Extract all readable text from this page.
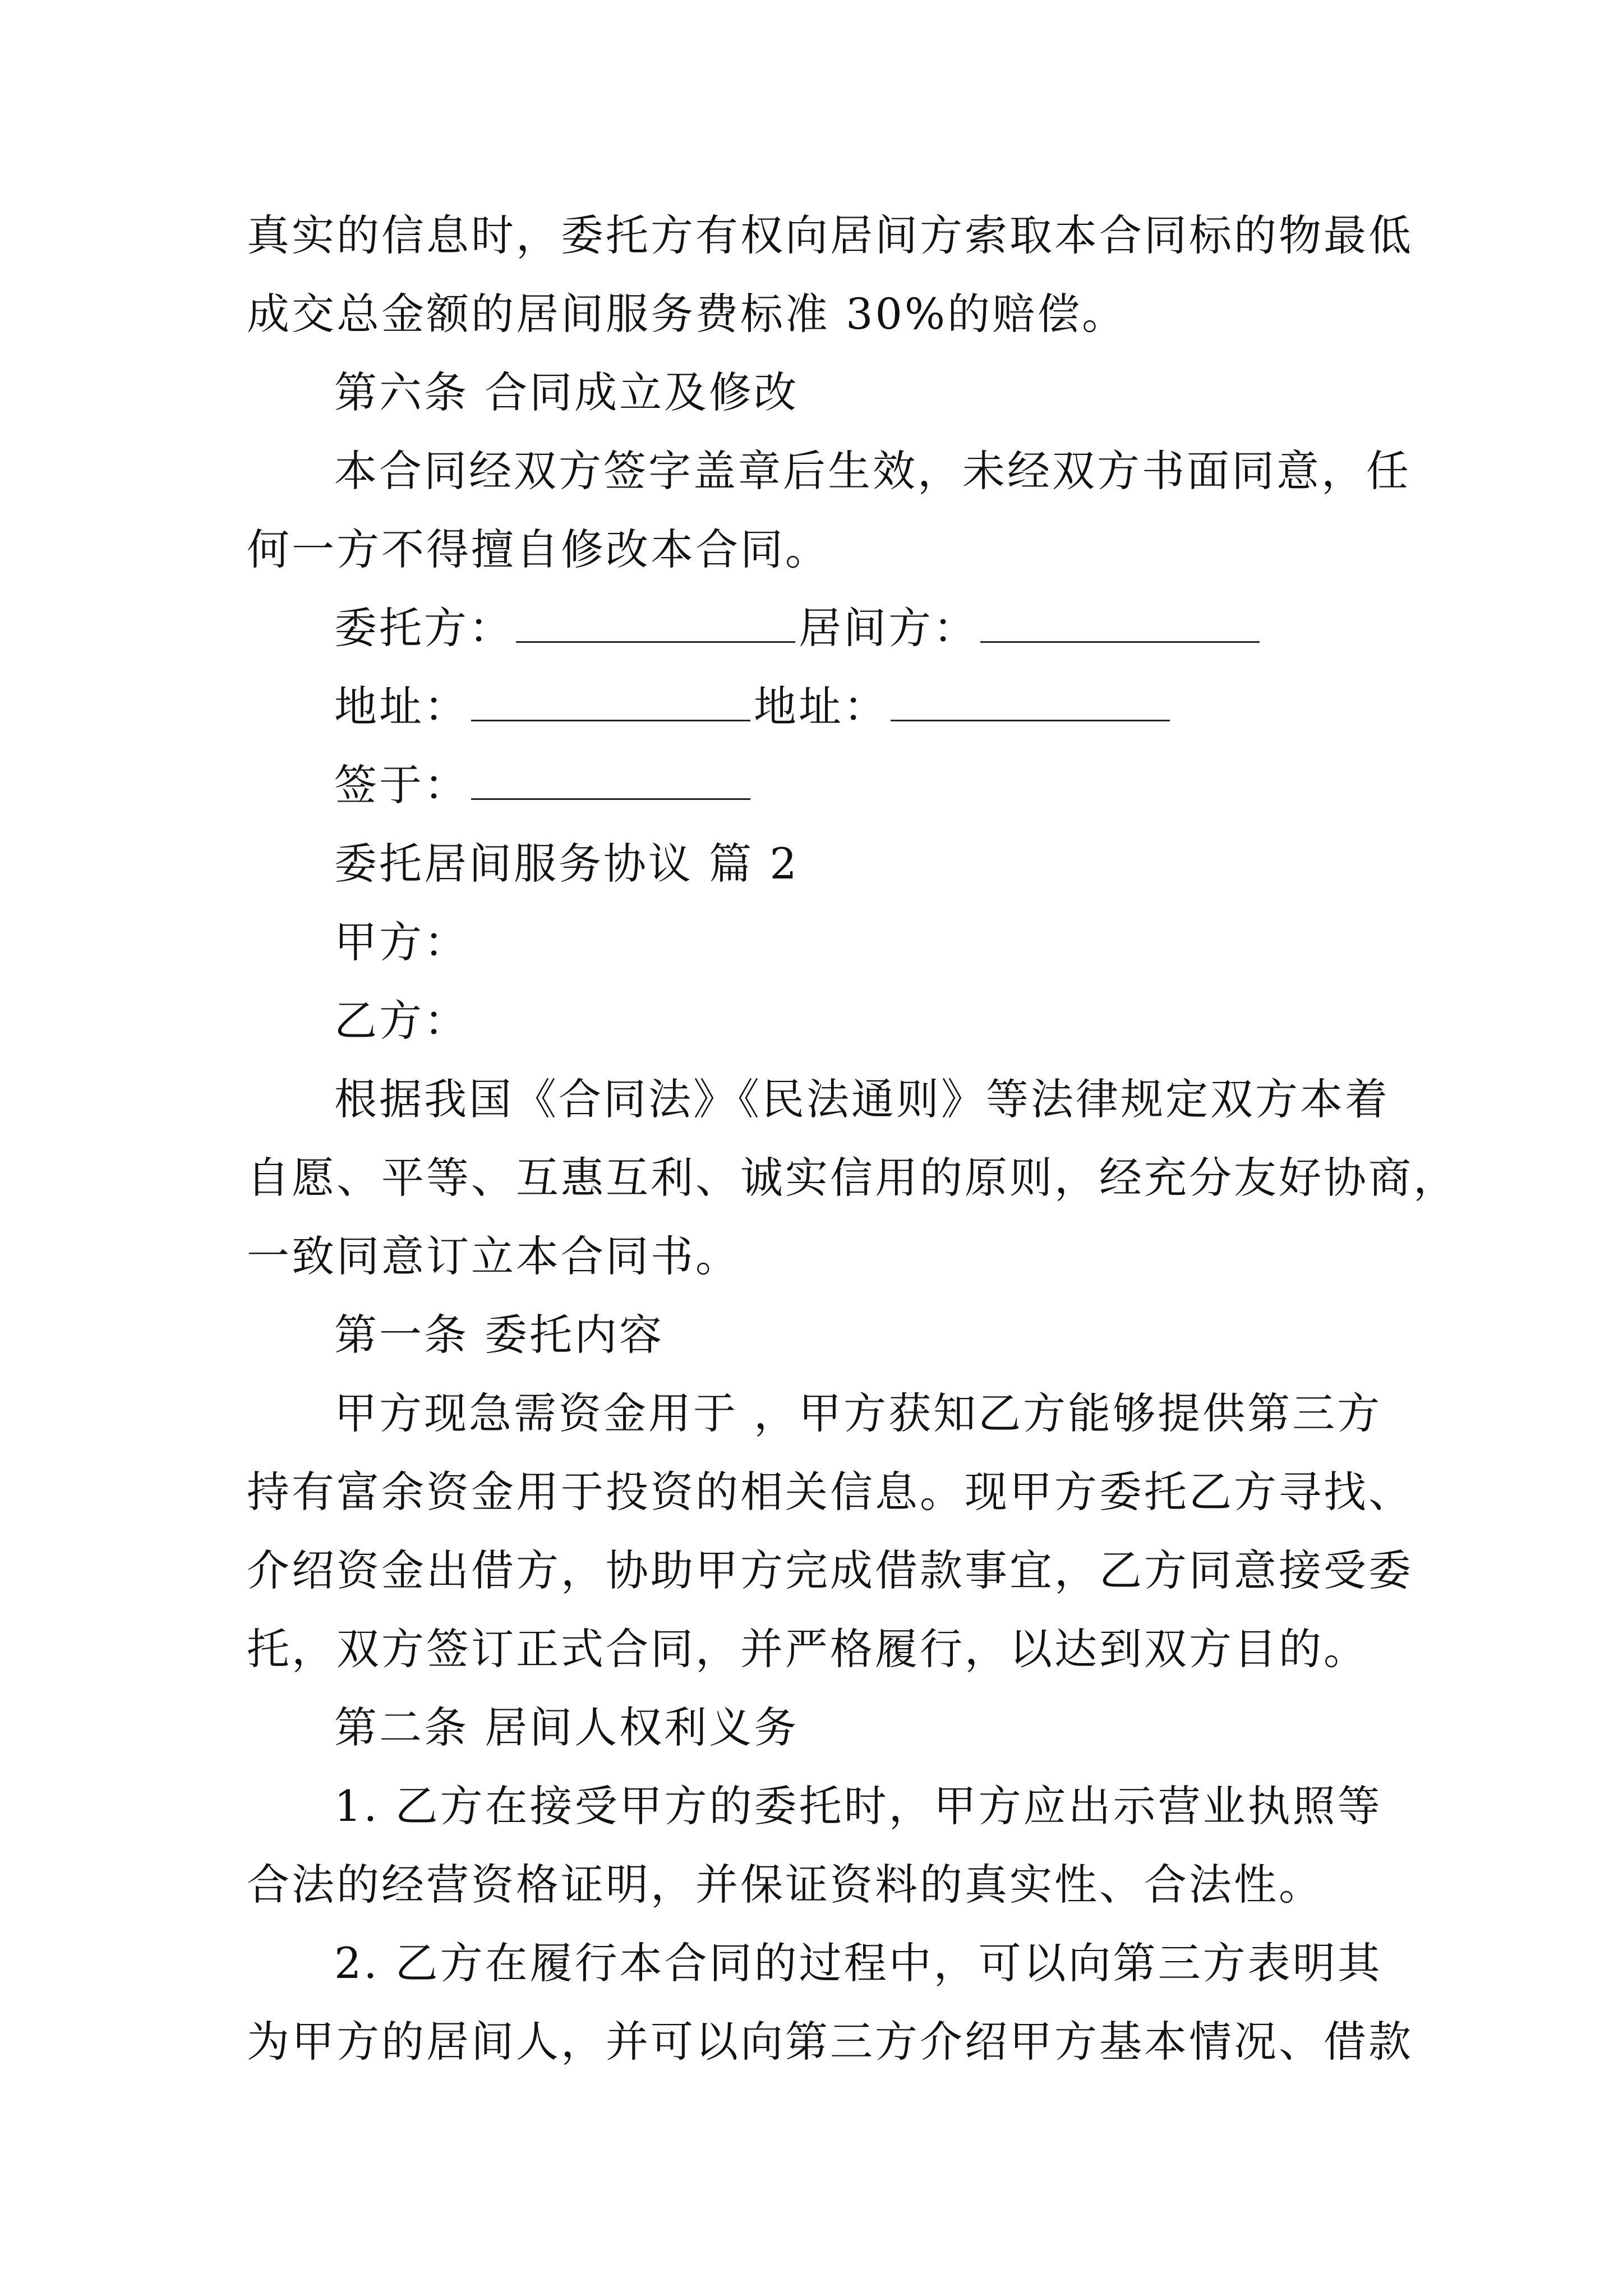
真实的信息时，委托方有权向居间方索取本合同标的物最低
成交总金额的居间服务费标准 30%的赔偿。
第六条 合同成立及修改
本合同经双方签字盖章后生效，未经双方书面同意，任
何一方不得擅自修改本合同。
委托方：	居间方：
地址：	地址：
签于：
委托居间服务协议 篇 2
甲方：
乙方：
根据我国《合同法》《民法通则》等法律规定双方本着
自愿、平等、互惠互利、诚实信用的原则，经充分友好协商，
一致同意订立本合同书。
第一条 委托内容
甲方现急需资金用于 ，甲方获知乙方能够提供第三方
持有富余资金用于投资的相关信息。现甲方委托乙方寻找、
介绍资金出借方，协助甲方完成借款事宜，乙方同意接受委
托，双方签订正式合同，并严格履行，以达到双方目的。
第二条 居间人权利义务
1. 乙方在接受甲方的委托时，甲方应出示营业执照等
合法的经营资格证明，并保证资料的真实性、合法性。
2. 乙方在履行本合同的过程中，可以向第三方表明其
为甲方的居间人，并可以向第三方介绍甲方基本情况、借款
